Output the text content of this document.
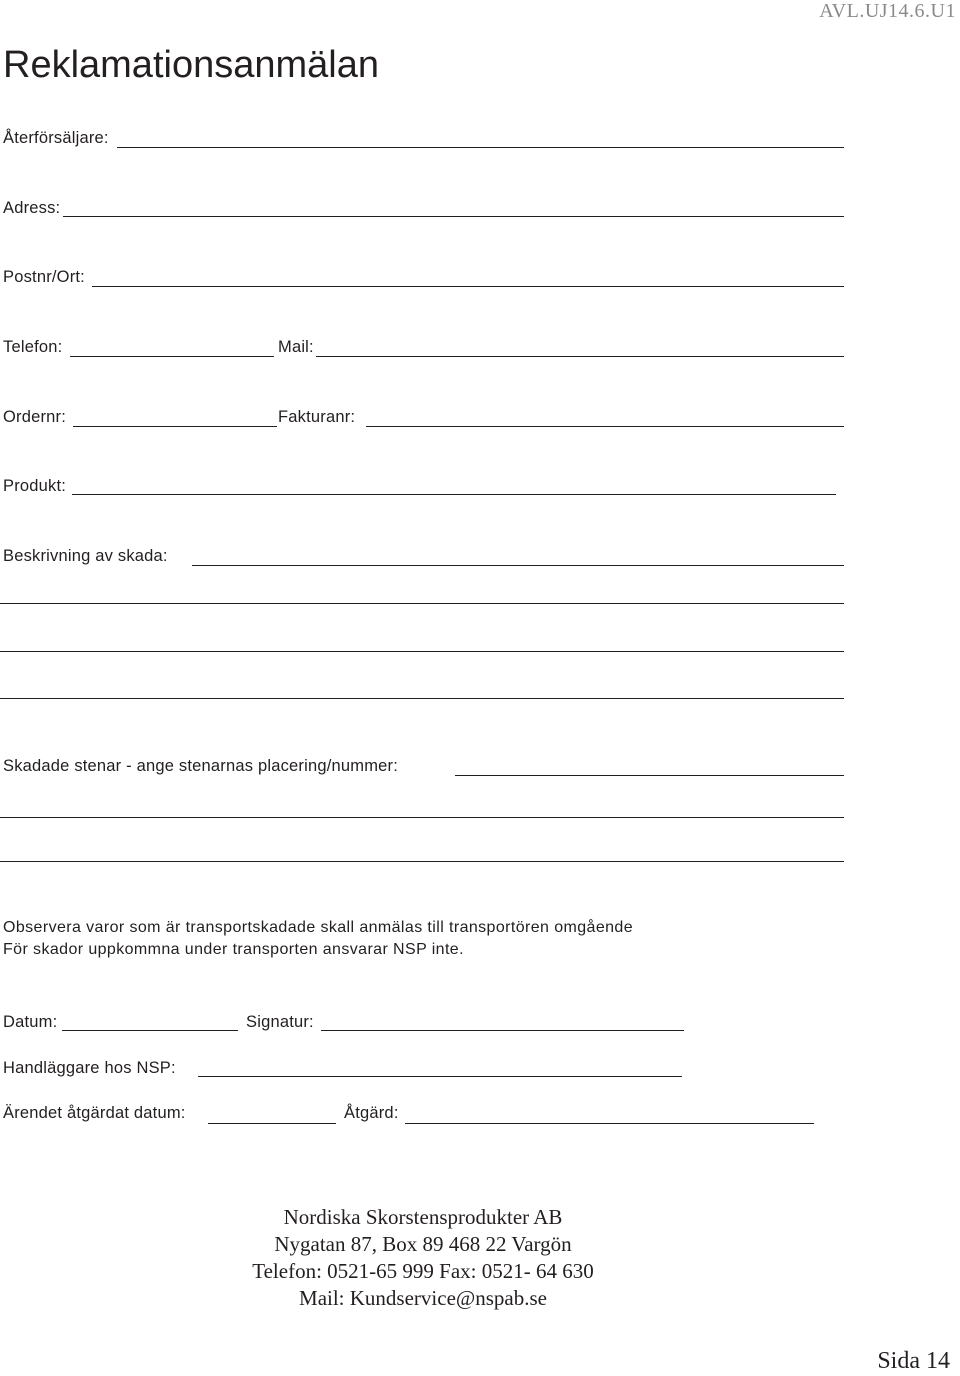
AVL.UJ14.6.U1
Reklamationsanmälan
Återförsäljare:
Adress:
Postnr/Ort:
Telefon:	Mail:
Ordernr:	Fakturanr:
Produkt:
Beskrivning av skada:
Skadade stenar - ange stenarnas placering/nummer:
Observera varor som är transportskadade skall anmälas till transportören omgående
För skador uppkommna under transporten ansvarar NSP inte.
Datum:	Signatur:
Handläggare hos NSP:
Ärendet åtgärdat datum:	Åtgärd:
Nordiska Skorstensprodukter AB
Nygatan 87, Box 89 468 22 Vargön
Telefon: 0521-65 999 Fax: 0521- 64 630
Mail: Kundservice@nspab.se
Sida 14
